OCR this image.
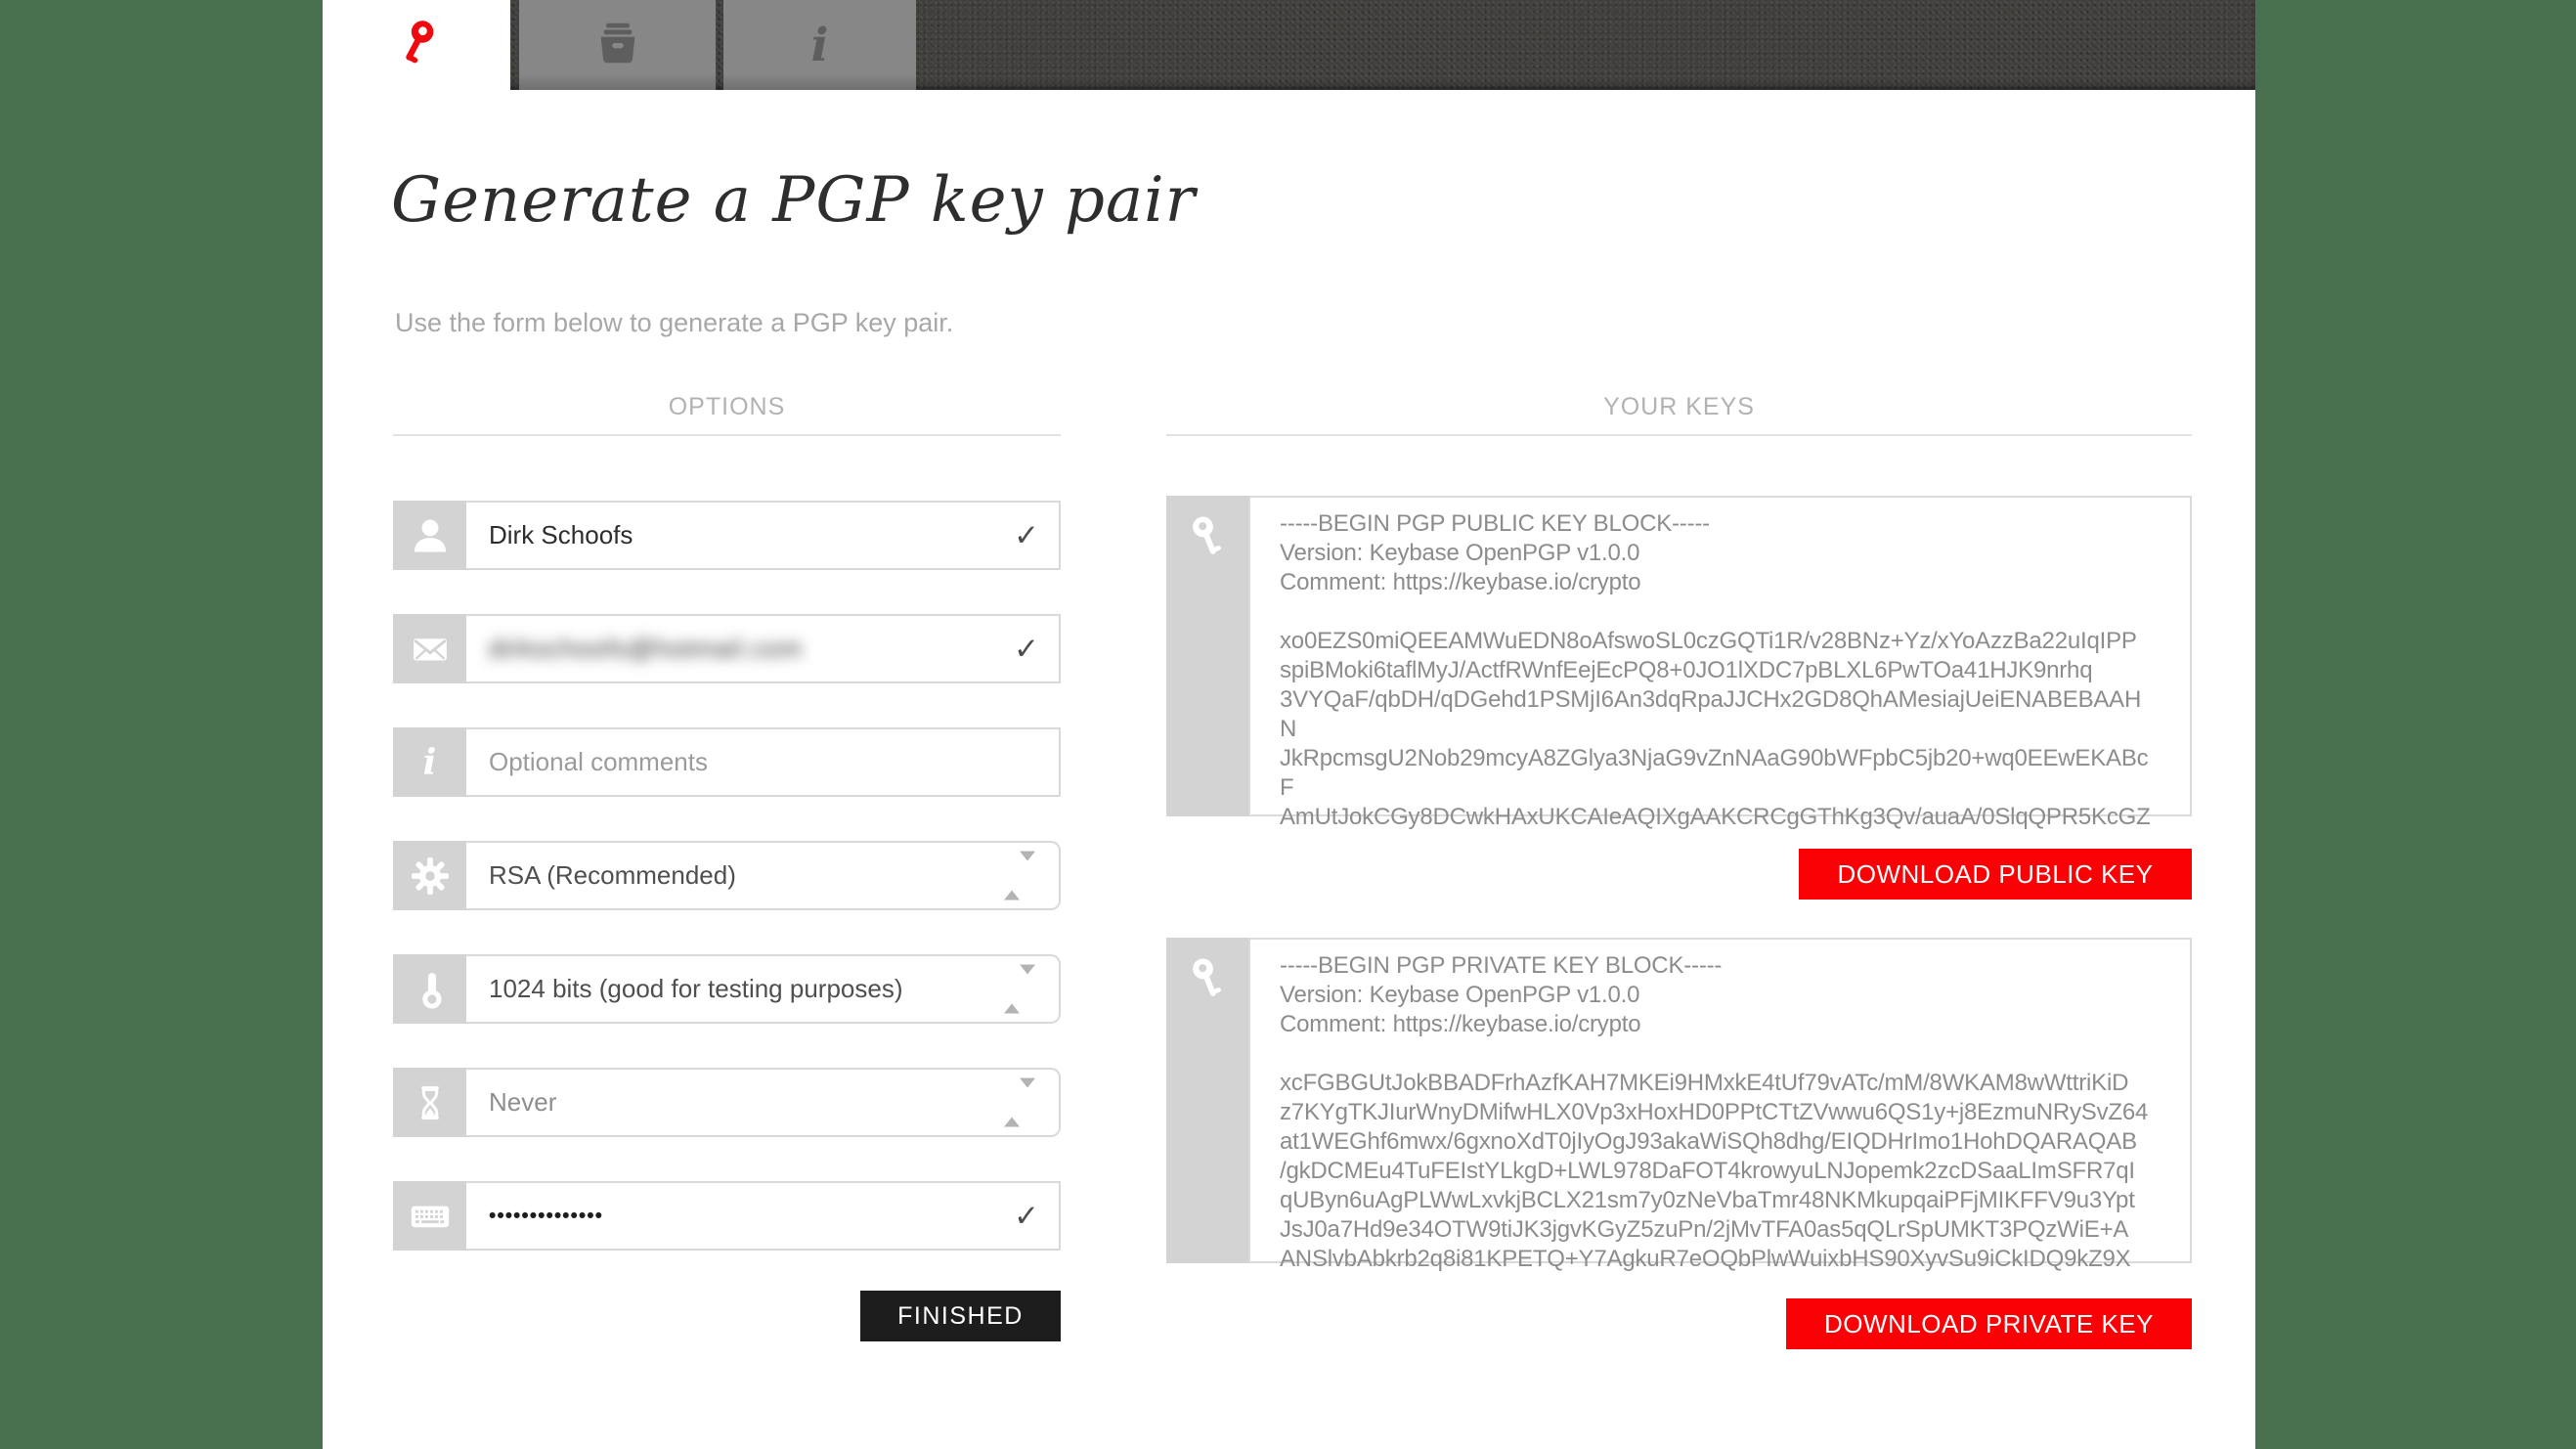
i
Generate a PGP key pair
Use the form below to generate a PGP key pair.
OPTIONS	YOUR KEYS
Dirk Schoofs	✓
dirkschoofs@hotmail.com	✓
i Optional comments
RSA (Recommended)
1024 bits (good for testing purposes)
Never
••••••••••••••	✓
FINISHED
-----BEGIN PGP PUBLIC KEY BLOCK-----
Version: Keybase OpenPGP v1.0.0
Comment: https://keybase.io/crypto
xo0EZS0miQEEAMWuEDN8oAfswoSL0czGQTi1R/v28BNz+Yz/xYoAzzBa22uIqIPP
spiBMoki6taflMyJ/ActfRWnfEejEcPQ8+0JO1lXDC7pBLXL6PwTOa41HJK9nrhq
3VYQaF/qbDH/qDGehd1PSMjI6An3dqRpaJJCHx2GD8QhAMesiajUeiENABEBAAH
N
JkRpcmsgU2Nob29mcyA8ZGlya3NjaG9vZnNAaG90bWFpbC5jb20+wq0EEwEKABc
F
AmUtJokCGy8DCwkHAxUKCAIeAQIXgAAKCRCgGThKg3Qv/auaA/0SlqQPR5KcGZ
DOWNLOAD PUBLIC KEY
-----BEGIN PGP PRIVATE KEY BLOCK-----
Version: Keybase OpenPGP v1.0.0
Comment: https://keybase.io/crypto
xcFGBGUtJokBBADFrhAzfKAH7MKEi9HMxkE4tUf79vATc/mM/8WKAM8wWttriKiD
z7KYgTKJIurWnyDMifwHLX0Vp3xHoxHD0PPtCTtZVwwu6QS1y+j8EzmuNRySvZ64
at1WEGhf6mwx/6gxnoXdT0jIyOgJ93akaWiSQh8dhg/EIQDHrImo1HohDQARAQAB
/gkDCMEu4TuFEIstYLkgD+LWL978DaFOT4krowyuLNJopemk2zcDSaaLImSFR7qI
qUByn6uAgPLWwLxvkjBCLX21sm7y0zNeVbaTmr48NKMkupqaiPFjMIKFFV9u3Ypt
JsJ0a7Hd9e34OTW9tiJK3jgvKGyZ5zuPn/2jMvTFA0as5qQLrSpUMKT3PQzWiE+A
ANSlvbAbkrb2q8i81KPETQ+Y7AgkuR7eOQbPlwWuixbHS90XyvSu9iCkIDQ9kZ9X
DOWNLOAD PRIVATE KEY
